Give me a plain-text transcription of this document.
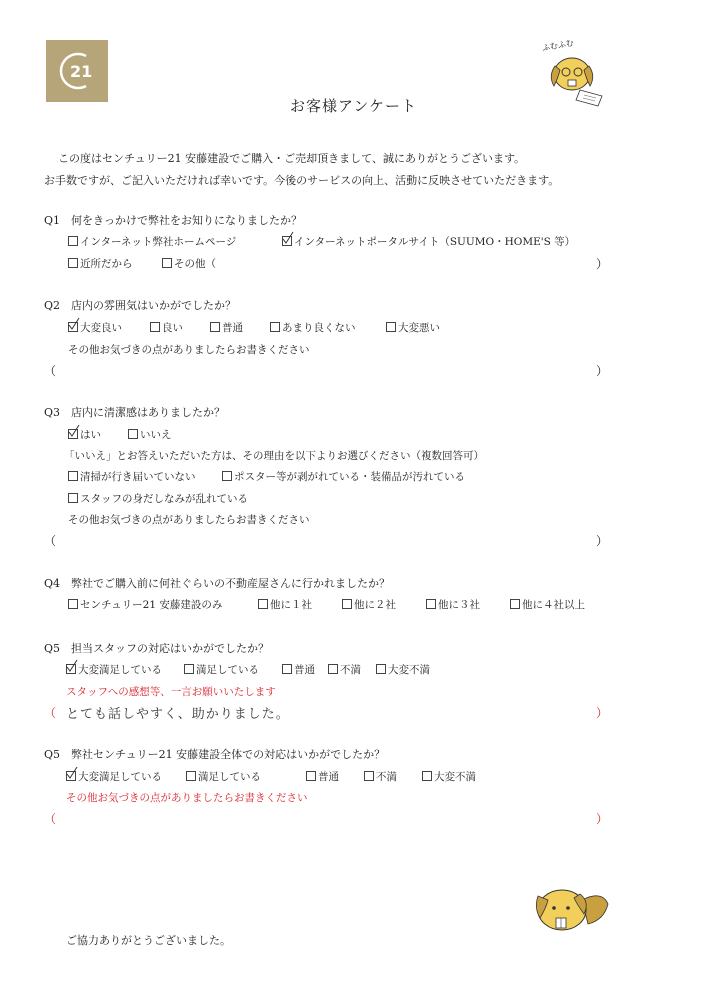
21
ふむふむ
お客様アンケート
この度はセンチュリー21 安藤建設でご購入・ご売却頂きまして、誠にありがとうございます。
お手数ですが、ご記入いただければ幸いです。今後のサービスの向上、活動に反映させていただきます。
Q1　何をきっかけで弊社をお知りになりましたか？
インターネット弊社ホームページ	インターネットポータルサイト（SUUMO・HOME'S 等）
近所だから	その他（	）
Q2　店内の雰囲気はいかがでしたか？
大変良い	良い	普通	あまり良くない	大変悪い
その他お気づきの点がありましたらお書きください
（	）
Q3　店内に清潔感はありましたか？
はい	いいえ
「いいえ」とお答えいただいた方は、その理由を以下よりお選びください（複数回答可）
清掃が行き届いていない	ポスター等が剥がれている・装備品が汚れている
スタッフの身だしなみが乱れている
その他お気づきの点がありましたらお書きください
（	）
Q4　弊社でご購入前に何社ぐらいの不動産屋さんに行かれましたか？
センチュリー21 安藤建設のみ	他に１社	他に２社	他に３社	他に４社以上
Q5　担当スタッフの対応はいかがでしたか？
大変満足している	満足している	普通	不満	大変不満
スタッフへの感想等、一言お願いいたします
（ とても話しやすく、助かりました。	）
Q5　弊社センチュリー21 安藤建設全体での対応はいかがでしたか？
大変満足している	満足している	普通	不満	大変不満
その他お気づきの点がありましたらお書きください
（	）
ご協力ありがとうございました。
